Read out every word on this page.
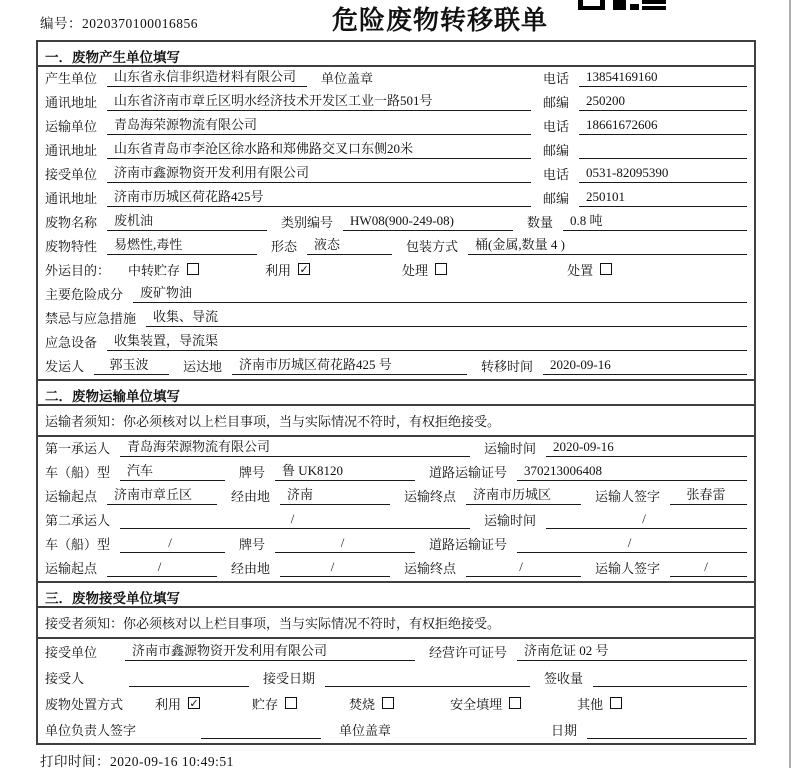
编号：2020370100016856	危险废物转移联单
一．废物产生单位填写
产生单位	山东省永信非织造材料有限公司	单位盖章	电话	13854169160
通讯地址	山东省济南市章丘区明水经济技术开发区工业一路501号	邮编	250200
运输单位	青岛海荣源物流有限公司	电话	18661672606
通讯地址	山东省青岛市李沧区徐水路和郑佛路交叉口东侧20米	邮编
接受单位	济南市鑫源物资开发利用有限公司	电话	0531-82095390
通讯地址	济南市历城区荷花路425号	邮编	250101
废物名称	废机油	类别编号	HW08(900-249-08)	数量	0.8 吨
废物特性	易燃性,毒性	形态	液态	包装方式	桶(金属,数量 4 )
外运目的： 中转贮存	利用 ✓	处理	处置
主要危险成分	废矿物油
禁忌与应急措施	收集、导流
应急设备	收集装置，导流渠
发运人	郭玉波	运达地	济南市历城区荷花路425 号	转移时间	2020-09-16
二．废物运输单位填写
运输者须知：你必须核对以上栏目事项，当与实际情况不符时，有权拒绝接受。
第一承运人	青岛海荣源物流有限公司	运输时间	2020-09-16
车（船）型	汽车	牌号	鲁 UK8120	道路运输证号	370213006408
运输起点	济南市章丘区	经由地	济南	运输终点	济南市历城区	运输人签字	张春雷
第二承运人	/	运输时间	/
车（船）型	/	牌号	/	道路运输证号	/
运输起点	/	经由地	/	运输终点	/	运输人签字	/
三．废物接受单位填写
接受者须知：你必须核对以上栏目事项，当与实际情况不符时，有权拒绝接受。
接受单位	济南市鑫源物资开发利用有限公司	经营许可证号	济南危证 02 号
接受人	接受日期	签收量
废物处置方式 利用 ✓	贮存	焚烧	安全填埋	其他
单位负责人签字	单位盖章	日期
打印时间：2020-09-16 10:49:51
